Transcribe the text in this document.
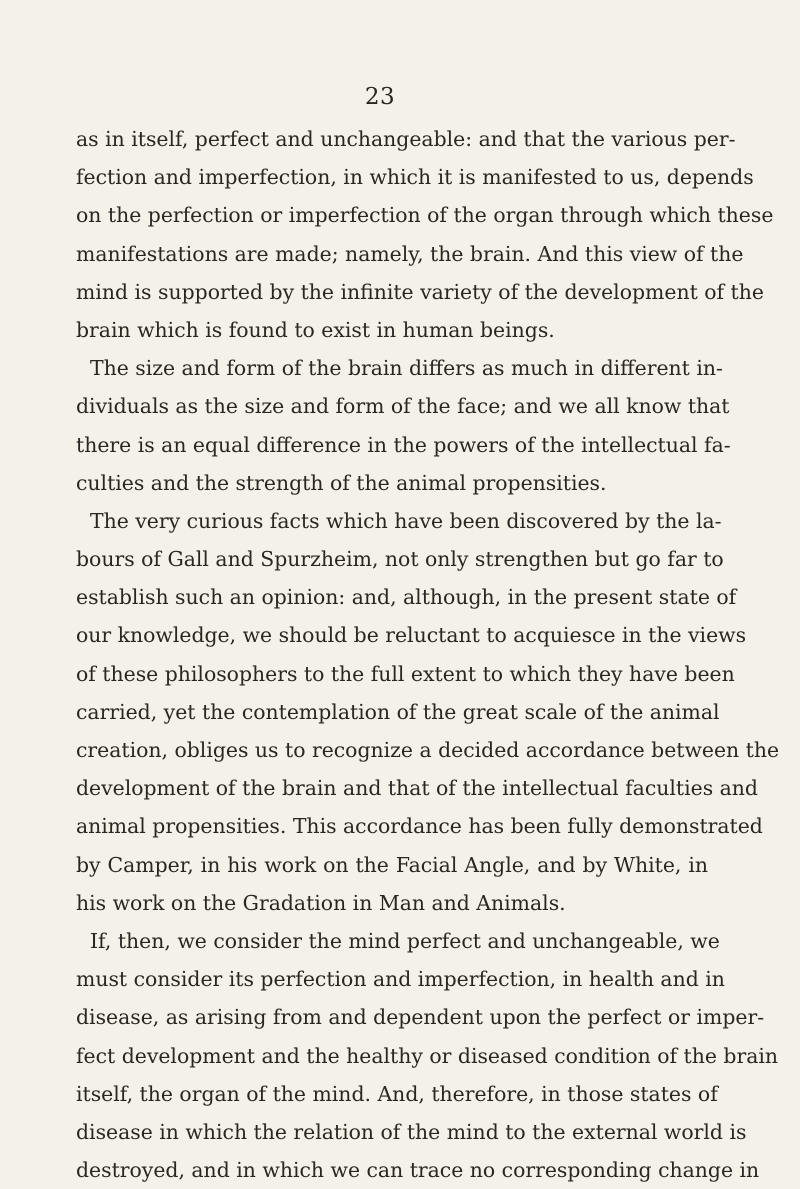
23
as in itself, perfect and unchangeable: and that the various per-
fection and imperfection, in which it is manifested to us, depends
on the perfection or imperfection of the organ through which these
manifestations are made; namely, the brain. And this view of the
mind is supported by the infinite variety of the development of the
brain which is found to exist in human beings.
The size and form of the brain differs as much in different in-
dividuals as the size and form of the face; and we all know that
there is an equal difference in the powers of the intellectual fa-
culties and the strength of the animal propensities.
The very curious facts which have been discovered by the la-
bours of Gall and Spurzheim, not only strengthen but go far to
establish such an opinion: and, although, in the present state of
our knowledge, we should be reluctant to acquiesce in the views
of these philosophers to the full extent to which they have been
carried, yet the contemplation of the great scale of the animal
creation, obliges us to recognize a decided accordance between the
development of the brain and that of the intellectual faculties and
animal propensities. This accordance has been fully demonstrated
by Camper, in his work on the Facial Angle, and by White, in
his work on the Gradation in Man and Animals.
If, then, we consider the mind perfect and unchangeable, we
must consider its perfection and imperfection, in health and in
disease, as arising from and dependent upon the perfect or imper-
fect development and the healthy or diseased condition of the brain
itself, the organ of the mind. And, therefore, in those states of
disease in which the relation of the mind to the external world is
destroyed, and in which we can trace no corresponding change in
